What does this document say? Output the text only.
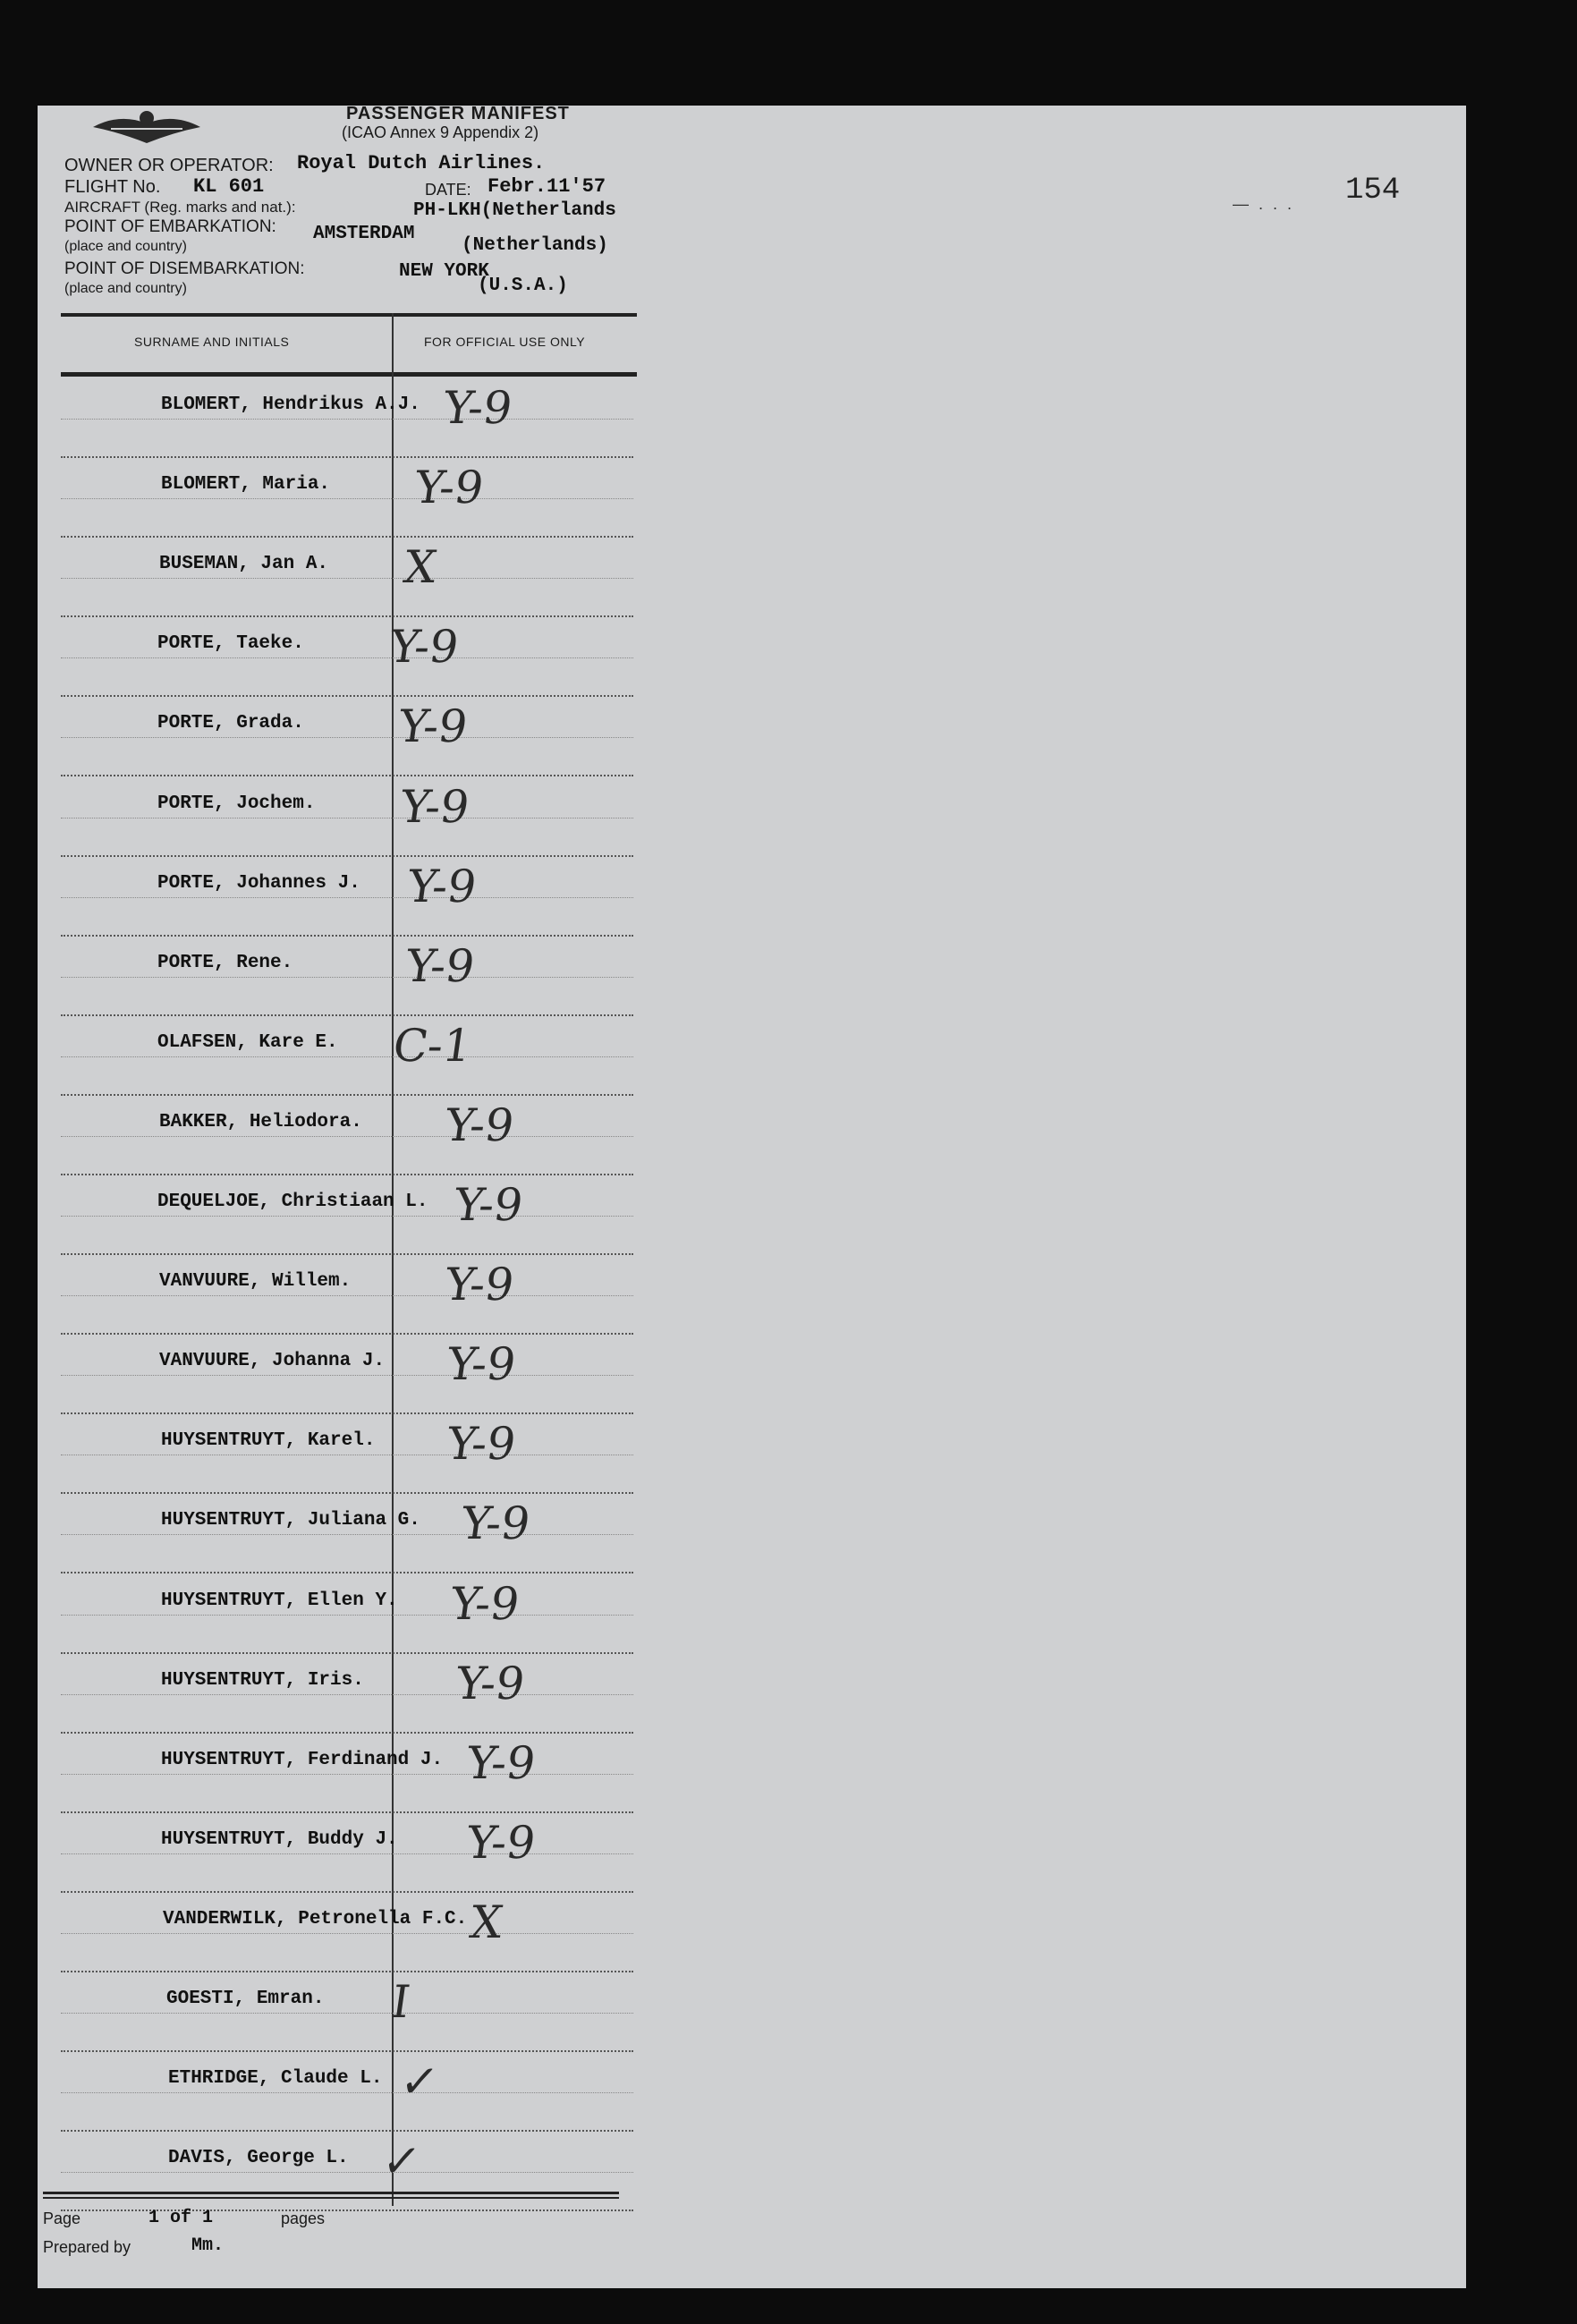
PASSENGER MANIFEST
(ICAO Annex 9 Appendix 2)
OWNER OR OPERATOR: Royal Dutch Airlines.
FLIGHT No. KL 601	DATE: Febr.11'57
AIRCRAFT (Reg. marks and nat.):	PH-LKH(Netherlands
POINT OF EMBARKATION: AMSTERDAM
(Netherlands)
(place and country)
POINT OF DISEMBARKATION:	NEW YORK
(U.S.A.)
(place and country)
154
— . . .
SURNAME AND INITIALS	FOR OFFICIAL USE ONLY
BLOMERT, Hendrikus A.J. Y-9
BLOMERT, Maria. Y-9
BUSEMAN, Jan A. X
PORTE, Taeke. Y-9
PORTE, Grada. Y-9
PORTE, Jochem. Y-9
PORTE, Johannes J. Y-9
PORTE, Rene. Y-9
OLAFSEN, Kare E. C-1
BAKKER, Heliodora. Y-9
DEQUELJOE, Christiaan L. Y-9
VANVUURE, Willem. Y-9
VANVUURE, Johanna J. Y-9
HUYSENTRUYT, Karel. Y-9
HUYSENTRUYT, Juliana G. Y-9
HUYSENTRUYT, Ellen Y. Y-9
HUYSENTRUYT, Iris. Y-9
HUYSENTRUYT, Ferdinand J. Y-9
HUYSENTRUYT, Buddy J. Y-9
VANDERWILK, Petronella F.C. X
GOESTI, Emran. I
ETHRIDGE, Claude L. ✓
DAVIS, George L. ✓
Page	1 of 1	pages
Prepared by	Mm.
